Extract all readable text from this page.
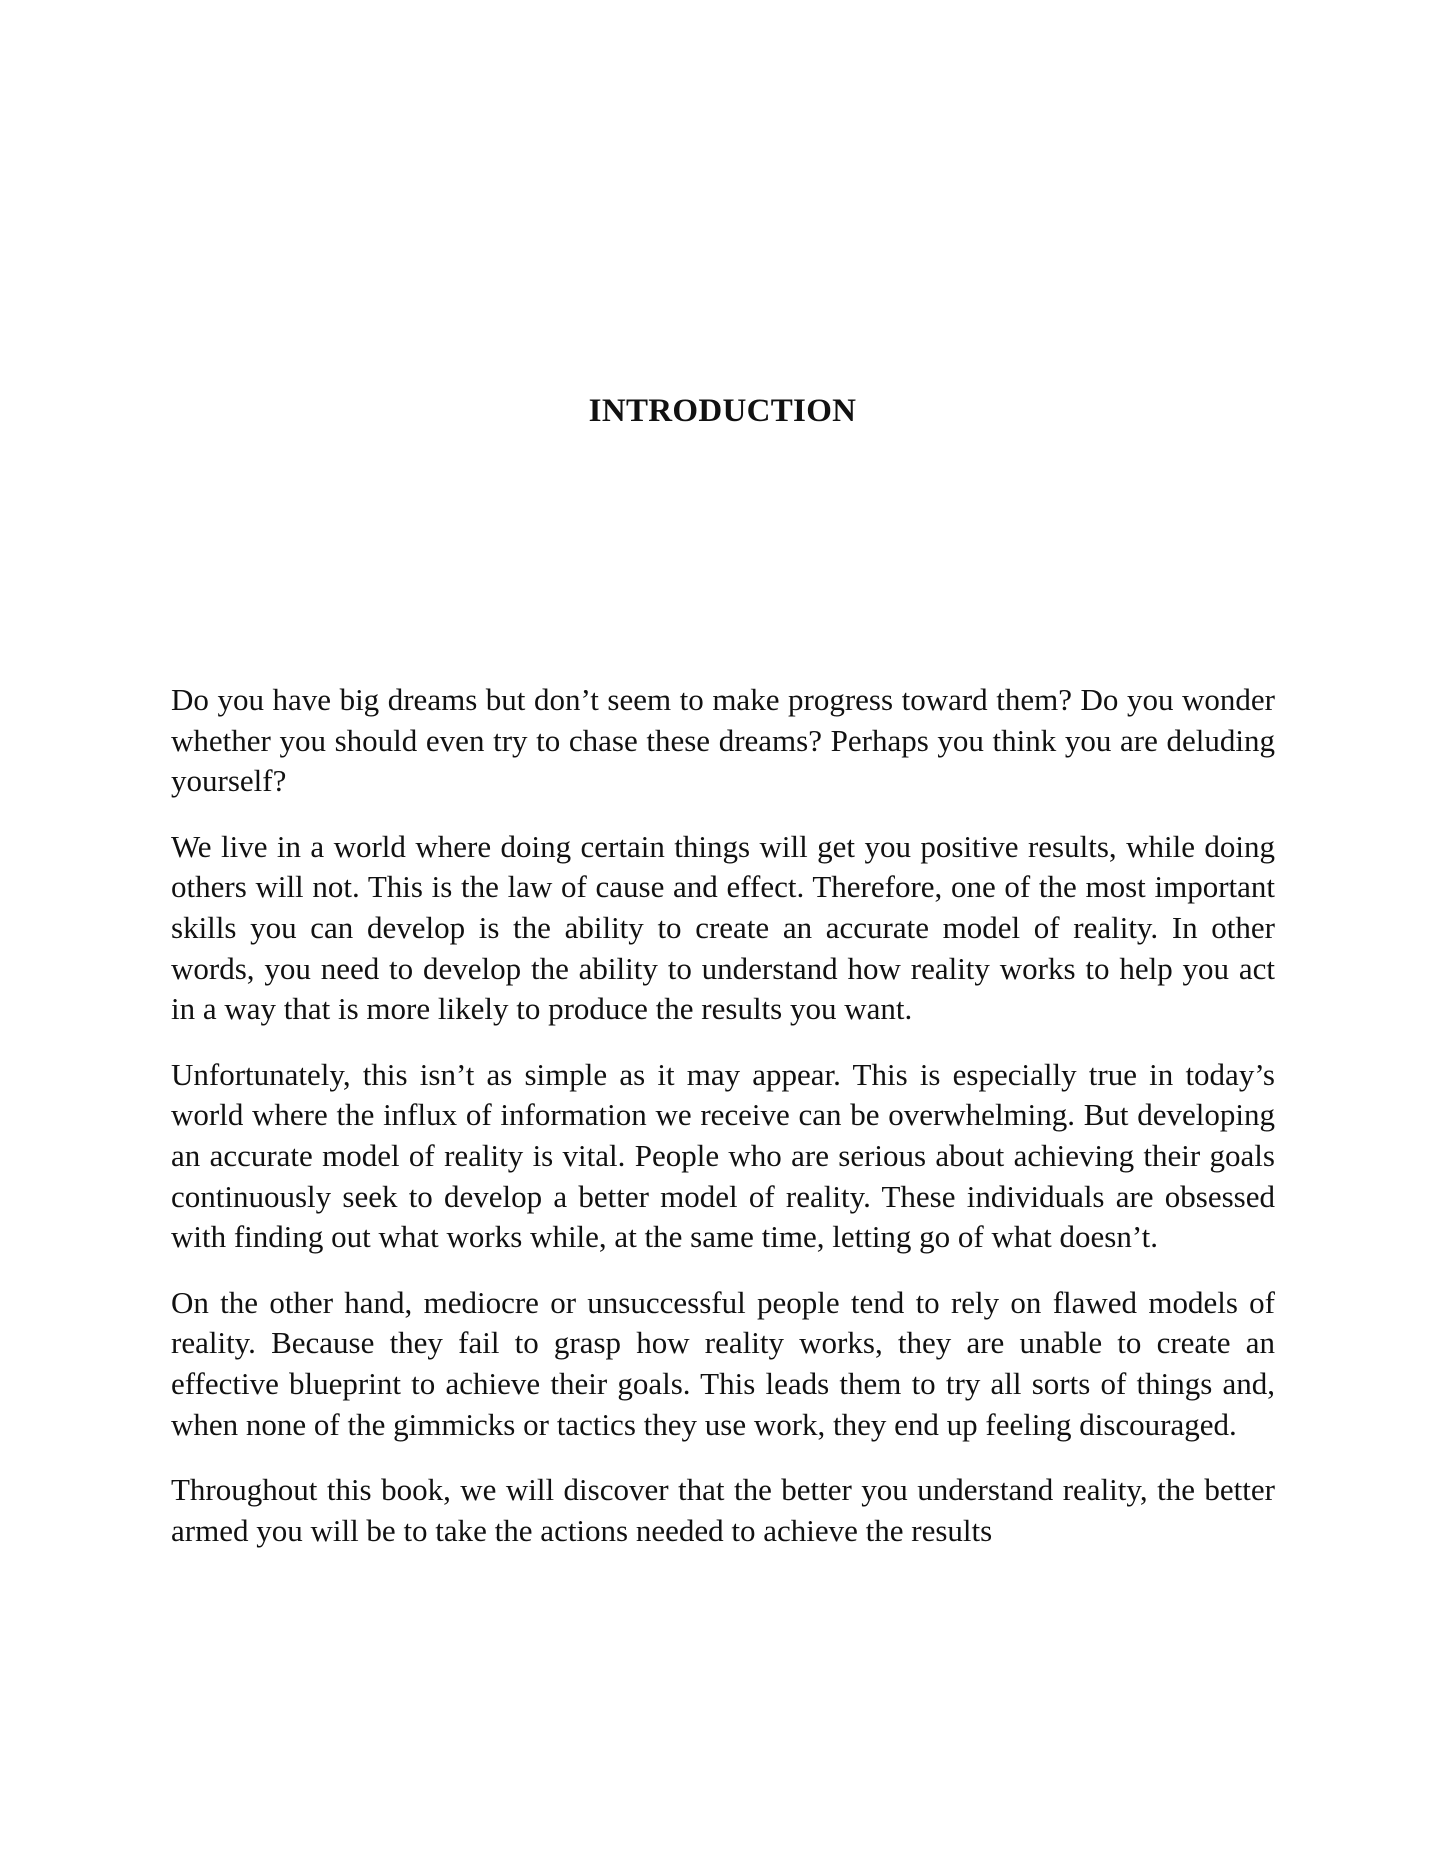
INTRODUCTION

Do you have big dreams but don’t seem to make progress toward them? Do you wonder whether you should even try to chase these dreams? Perhaps you think you are deluding yourself?

We live in a world where doing certain things will get you positive results, while doing others will not. This is the law of cause and effect. Therefore, one of the most important skills you can develop is the ability to create an accurate model of reality. In other words, you need to develop the ability to understand how reality works to help you act in a way that is more likely to produce the results you want.

Unfortunately, this isn’t as simple as it may appear. This is especially true in today’s world where the influx of information we receive can be overwhelming. But developing an accurate model of reality is vital. People who are serious about achieving their goals continuously seek to develop a better model of reality. These individuals are obsessed with finding out what works while, at the same time, letting go of what doesn’t.

On the other hand, mediocre or unsuccessful people tend to rely on flawed models of reality. Because they fail to grasp how reality works, they are unable to create an effective blueprint to achieve their goals. This leads them to try all sorts of things and, when none of the gimmicks or tactics they use work, they end up feeling discouraged.

Throughout this book, we will discover that the better you understand reality, the better armed you will be to take the actions needed to achieve the results
